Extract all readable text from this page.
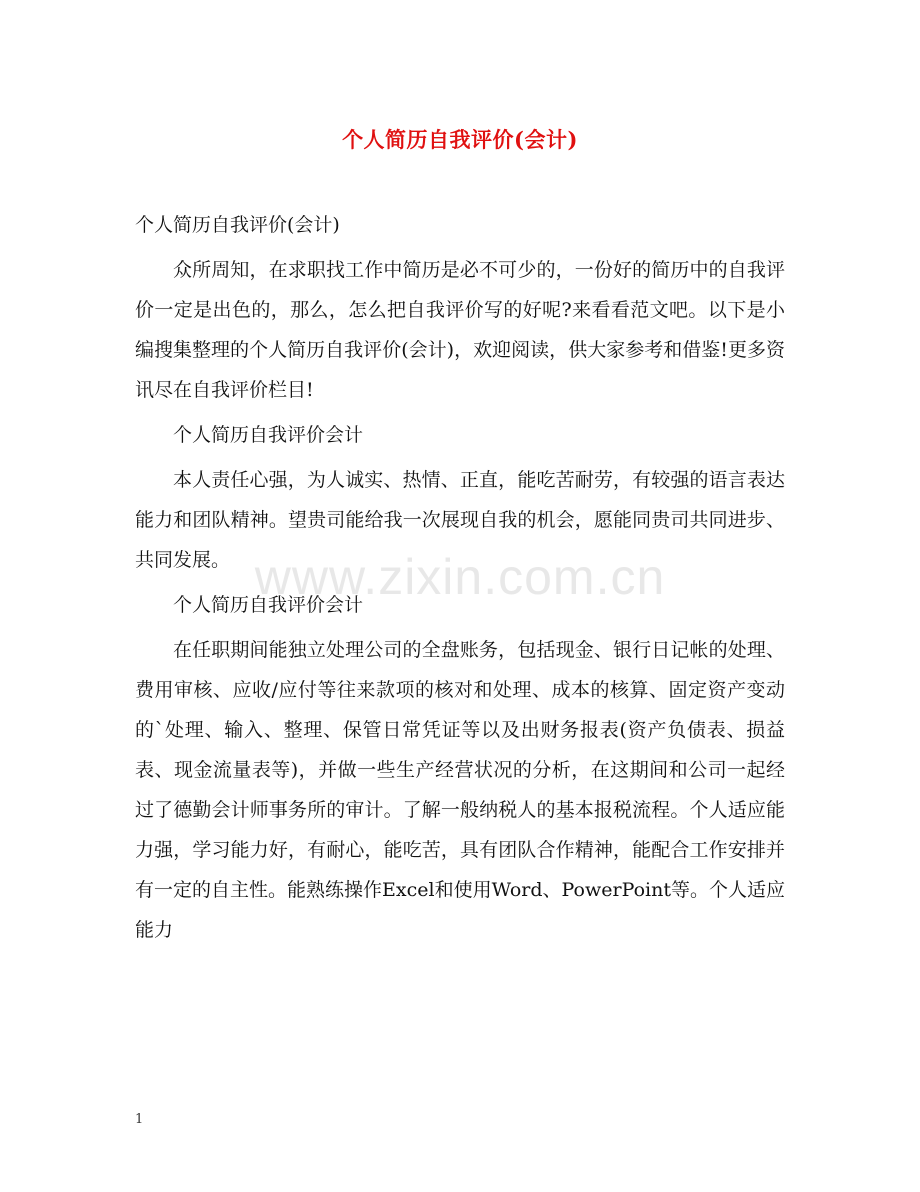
个人简历自我评价(会计)
www.zixin.com.cn

个人简历自我评价(会计)

众所周知，在求职找工作中简历是必不可少的，一份好的简历中的自我评价一定是出色的，那么，怎么把自我评价写的好呢?来看看范文吧。以下是小编搜集整理的个人简历自我评价(会计)，欢迎阅读，供大家参考和借鉴!更多资讯尽在自我评价栏目!

个人简历自我评价会计

本人责任心强，为人诚实、热情、正直，能吃苦耐劳，有较强的语言表达能力和团队精神。望贵司能给我一次展现自我的机会，愿能同贵司共同进步、共同发展。

个人简历自我评价会计

在任职期间能独立处理公司的全盘账务，包括现金、银行日记帐的处理、费用审核、应收/应付等往来款项的核对和处理、成本的核算、固定资产变动的`处理、输入、整理、保管日常凭证等以及出财务报表(资产负债表、损益表、现金流量表等)，并做一些生产经营状况的分析，在这期间和公司一起经过了德勤会计师事务所的审计。了解一般纳税人的基本报税流程。个人适应能力强，学习能力好，有耐心，能吃苦，具有团队合作精神，能配合工作安排并有一定的自主性。能熟练操作Excel和使用Word、PowerPoint等。个人适应能力

1
